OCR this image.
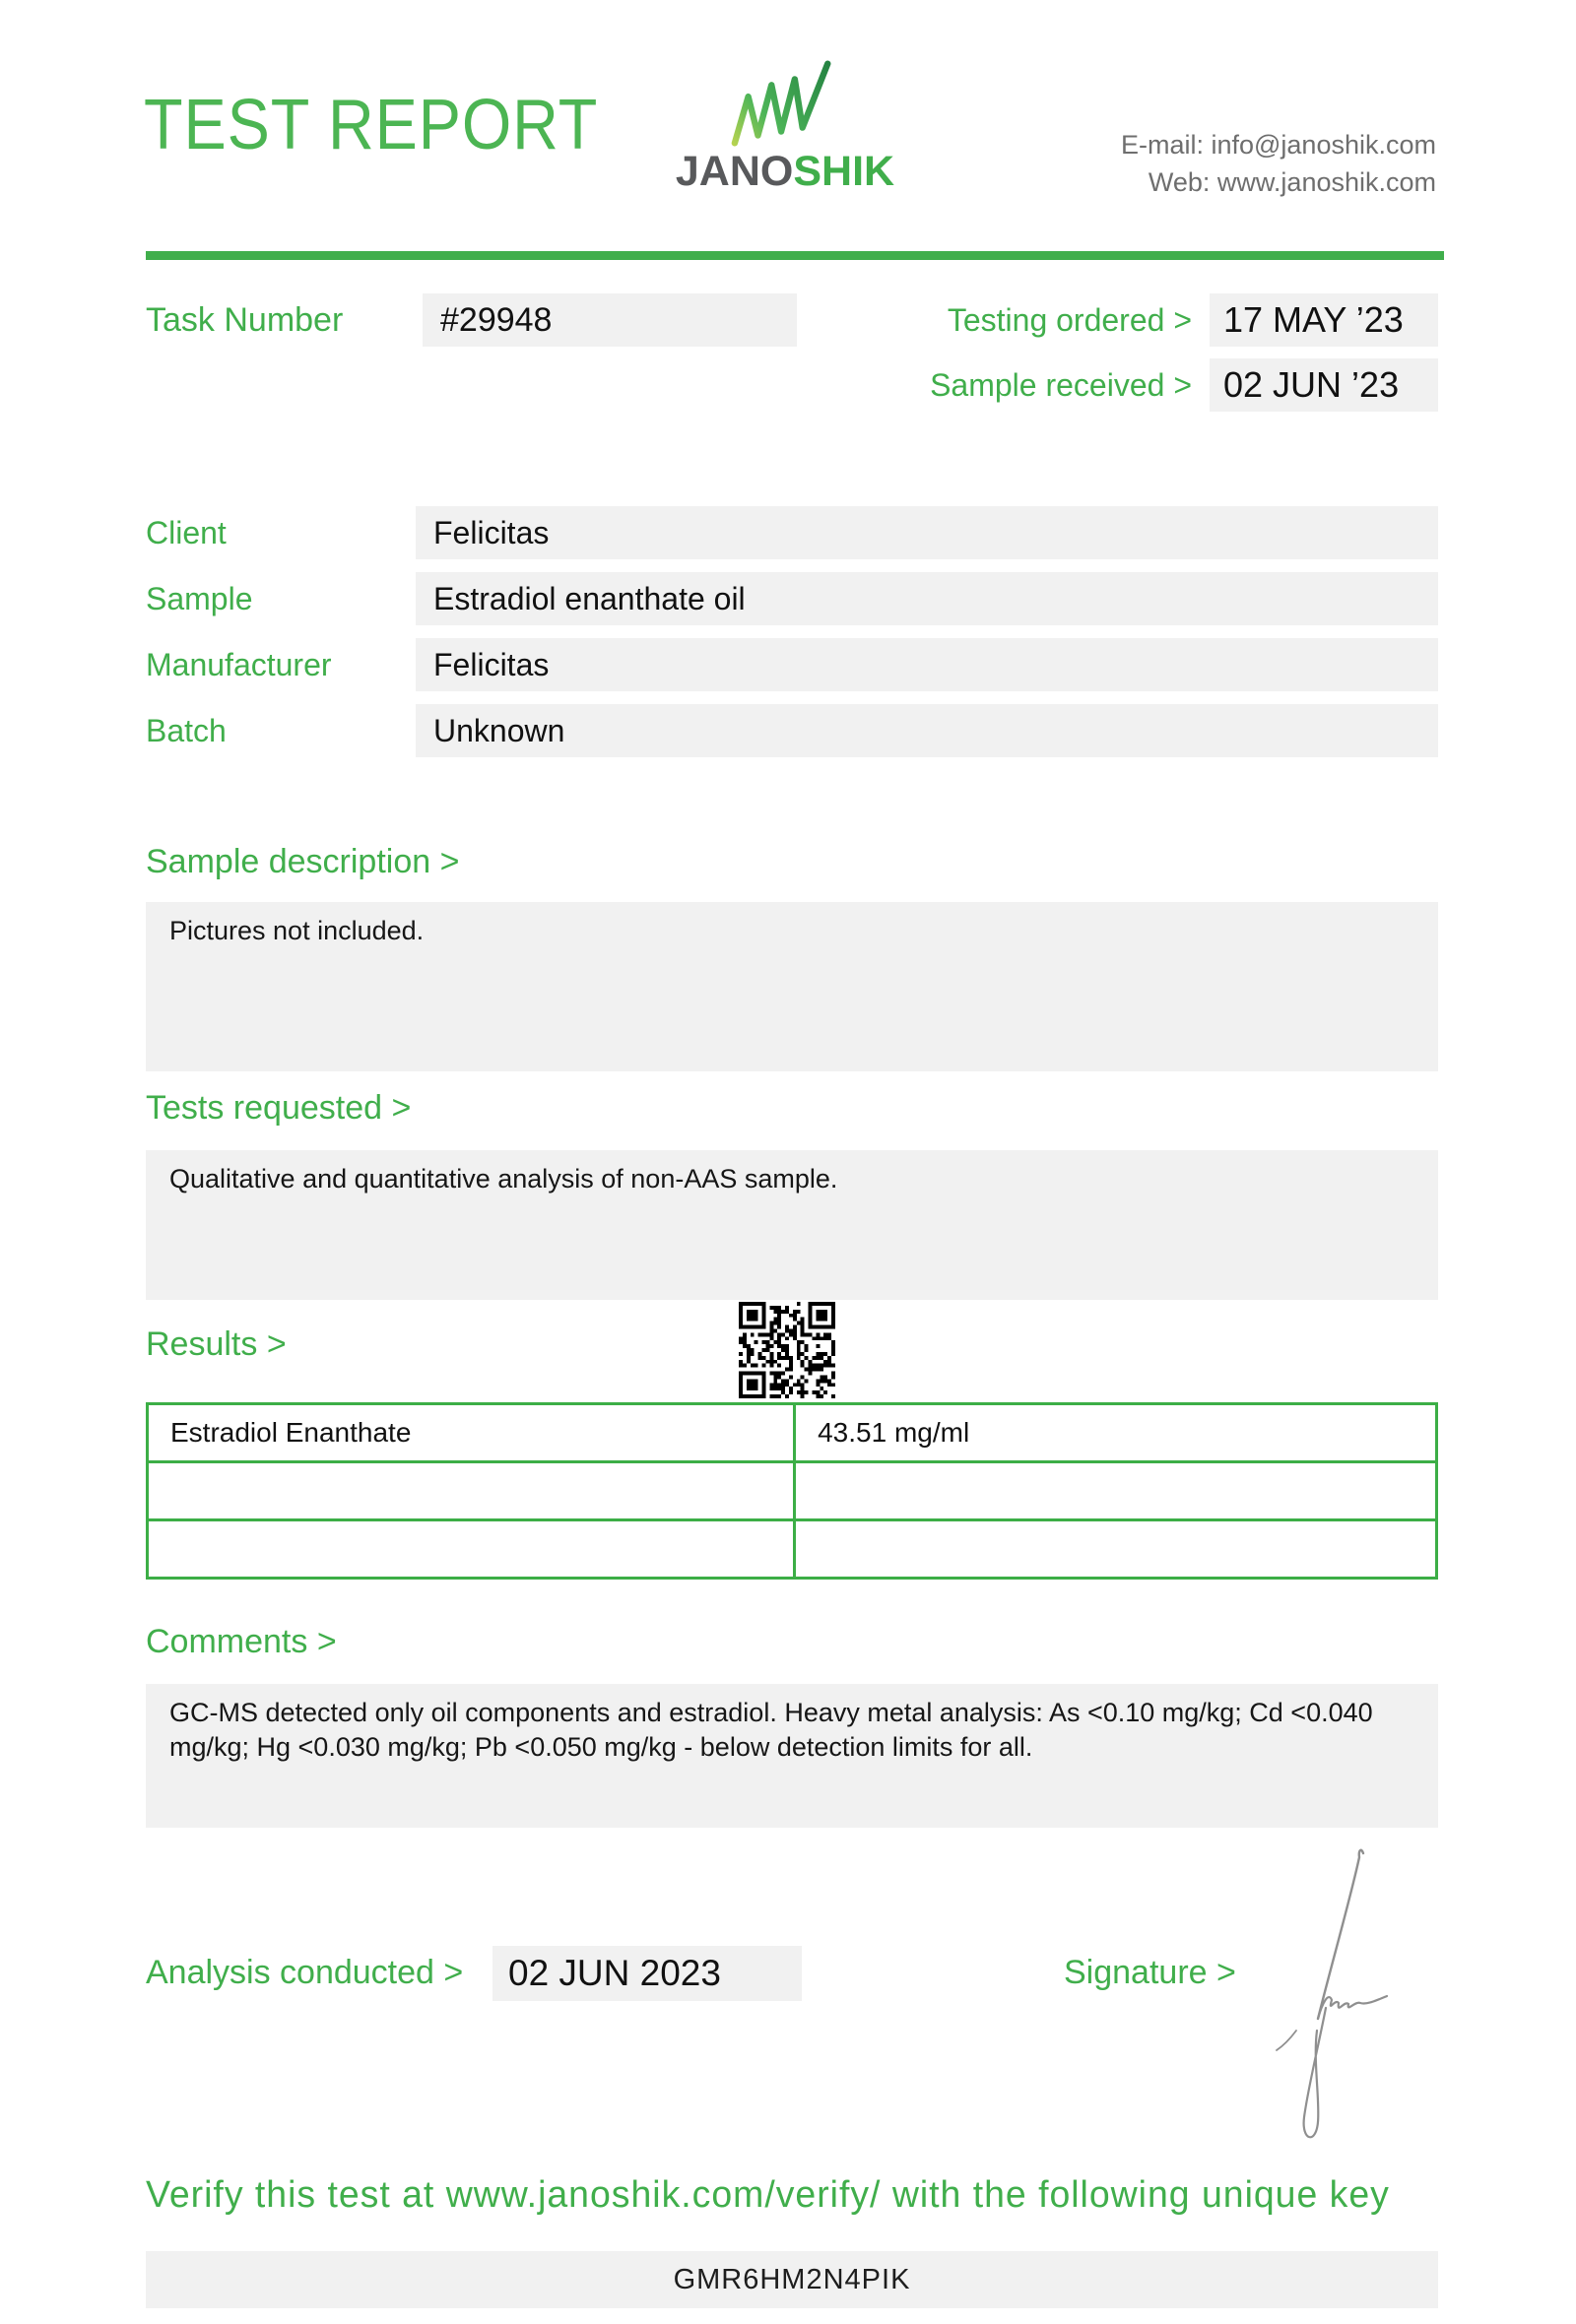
TEST REPORT
JANOSHIK
E-mail: info@janoshik.com
Web: www.janoshik.com
Task Number	#29948	Testing ordered > 17 MAY ’23
Sample received > 02 JUN ’23
Client	Felicitas
Sample	Estradiol enanthate oil
Manufacturer	Felicitas
Batch	Unknown
Sample description >
Pictures not included.
Tests requested >
Qualitative and quantitative analysis of non-AAS sample.
Results >
Estradiol Enanthate	43.51 mg/ml

Comments >
GC-MS detected only oil components and estradiol. Heavy metal analysis: As <0.10 mg/kg; Cd <0.040 mg/kg; Hg <0.030 mg/kg; Pb <0.050 mg/kg - below detection limits for all.
Analysis conducted >	02 JUN 2023	Signature >
Verify this test at www.janoshik.com/verify/ with the following unique key
GMR6HM2N4PIK
